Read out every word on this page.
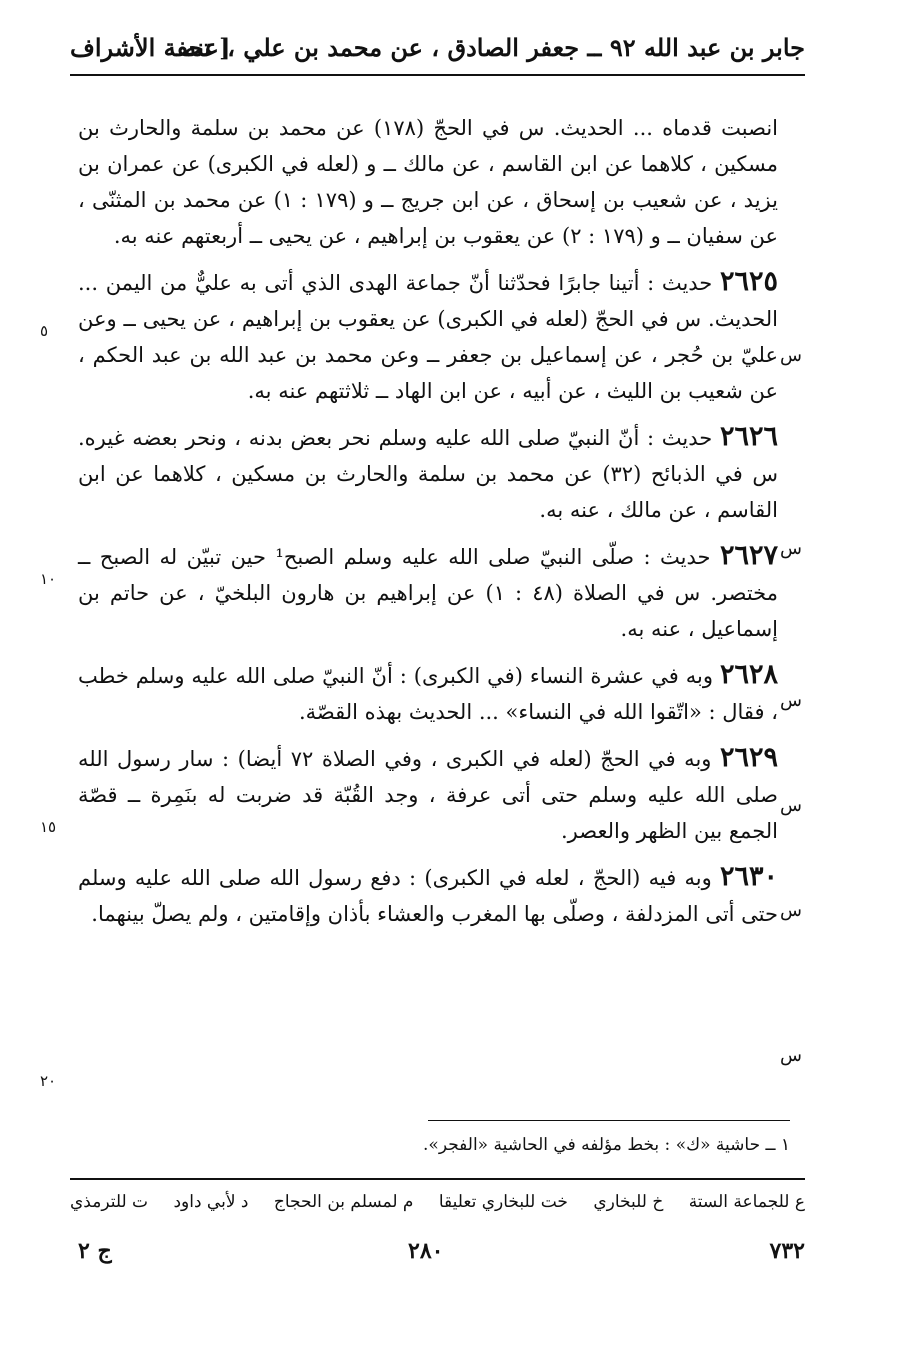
جابر بن عبد الله ٩٢ ــ جعفر الصادق ، عن محمد بن علي ، عنه
[ تحفة الأشراف

انصبت قدماه ... الحديث. س في الحجّ (١٧٨) عن محمد بن سلمة والحارث بن مسكين ، كلاهما عن ابن القاسم ، عن مالك ــ و (لعله في الكبرى) عن عمران بن يزيد ، عن شعيب بن إسحاق ، عن ابن جريج ــ و (١٧٩ : ١) عن محمد بن المثنّى ، عن سفيان ــ و (١٧٩ : ٢) عن يعقوب بن إبراهيم ، عن يحيى ــ أربعتهم عنه به.

٢٦٢٥ حديث : أتينا جابرًا فحدّثنا أنّ جماعة الهدى الذي أتى به عليٌّ من اليمن ... الحديث. س في الحجّ (لعله في الكبرى) عن يعقوب بن إبراهيم ، عن يحيى ــ وعن عليّ بن حُجر ، عن إسماعيل بن جعفر ــ وعن محمد بن عبد الله بن عبد الحكم ، عن شعيب بن الليث ، عن أبيه ، عن ابن الهاد ــ ثلاثتهم عنه به.

٢٦٢٦ حديث : أنّ النبيّ صلى الله عليه وسلم نحر بعض بدنه ، ونحر بعضه غيره. س في الذبائح (٣٢) عن محمد بن سلمة والحارث بن مسكين ، كلاهما عن ابن القاسم ، عن مالك ، عنه به.

٢٦٢٧ حديث : صلّى النبيّ صلى الله عليه وسلم الصبح¹ حين تبيّن له الصبح ــ مختصر. س في الصلاة (٤٨ : ١) عن إبراهيم بن هارون البلخيّ ، عن حاتم بن إسماعيل ، عنه به.

٢٦٢٨ وبه في عشرة النساء (في الكبرى) : أنّ النبيّ صلى الله عليه وسلم خطب ، فقال : «اتّقوا الله في النساء» ... الحديث بهذه القصّة.

٢٦٢٩ وبه في الحجّ (لعله في الكبرى ، وفي الصلاة ٧٢ أيضا) : سار رسول الله صلى الله عليه وسلم حتى أتى عرفة ، وجد القُبّة قد ضربت له بنَمِرة ــ قصّة الجمع بين الظهر والعصر.

٢٦٣٠ وبه فيه (الحجّ ، لعله في الكبرى) : دفع رسول الله صلى الله عليه وسلم حتى أتى المزدلفة ، وصلّى بها المغرب والعشاء بأذان وإقامتين ، ولم يصلّ بينهما.

س
س
س
س
س
س
٥
١٠
١٥
٢٠
١ ــ حاشية «ك» : بخط مؤلفه في الحاشية «الفجر».
ع للجماعة الستة
خ للبخاري
خت للبخاري تعليقا
م لمسلم بن الحجاج
د لأبي داود
ت للترمذي
٧٣٢
٢٨٠
ج ٢
